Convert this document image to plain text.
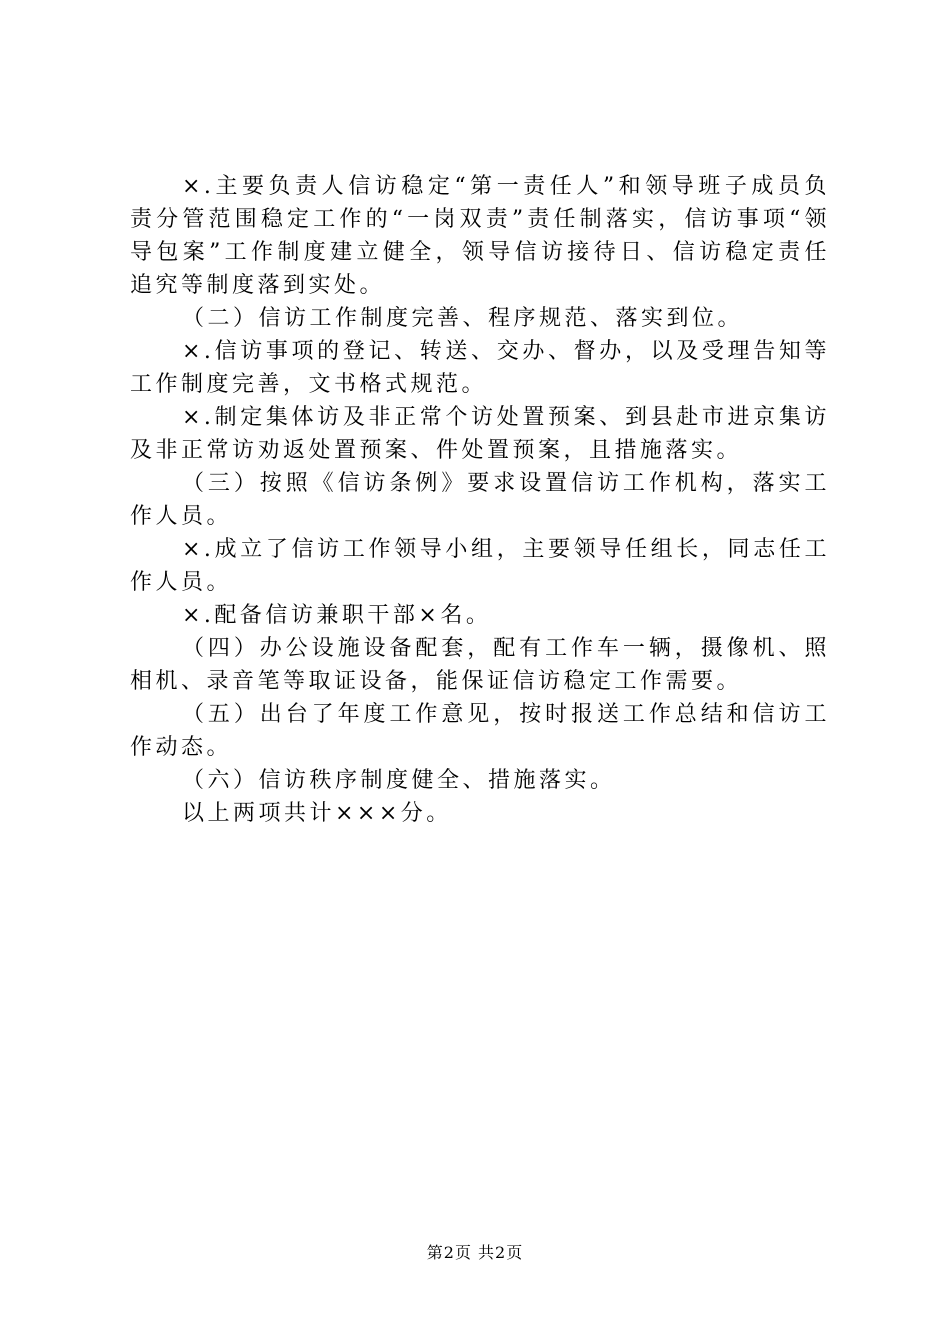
×.主要负责人信访稳定“第一责任人”和领导班子成员负责分管范围稳定工作的“一岗双责”责任制落实，信访事项“领导包案”工作制度建立健全，领导信访接待日、信访稳定责任追究等制度落到实处。

（二）信访工作制度完善、程序规范、落实到位。

×.信访事项的登记、转送、交办、督办，以及受理告知等工作制度完善，文书格式规范。

×.制定集体访及非正常个访处置预案、到县赴市进京集访及非正常访劝返处置预案、件处置预案，且措施落实。

（三）按照《信访条例》要求设置信访工作机构，落实工作人员。

×.成立了信访工作领导小组，主要领导任组长，同志任工作人员。

×.配备信访兼职干部×名。

（四）办公设施设备配套，配有工作车一辆，摄像机、照相机、录音笔等取证设备，能保证信访稳定工作需要。

（五）出台了年度工作意见，按时报送工作总结和信访工作动态。

（六）信访秩序制度健全、措施落实。

以上两项共计×××分。

第2页 共2页
